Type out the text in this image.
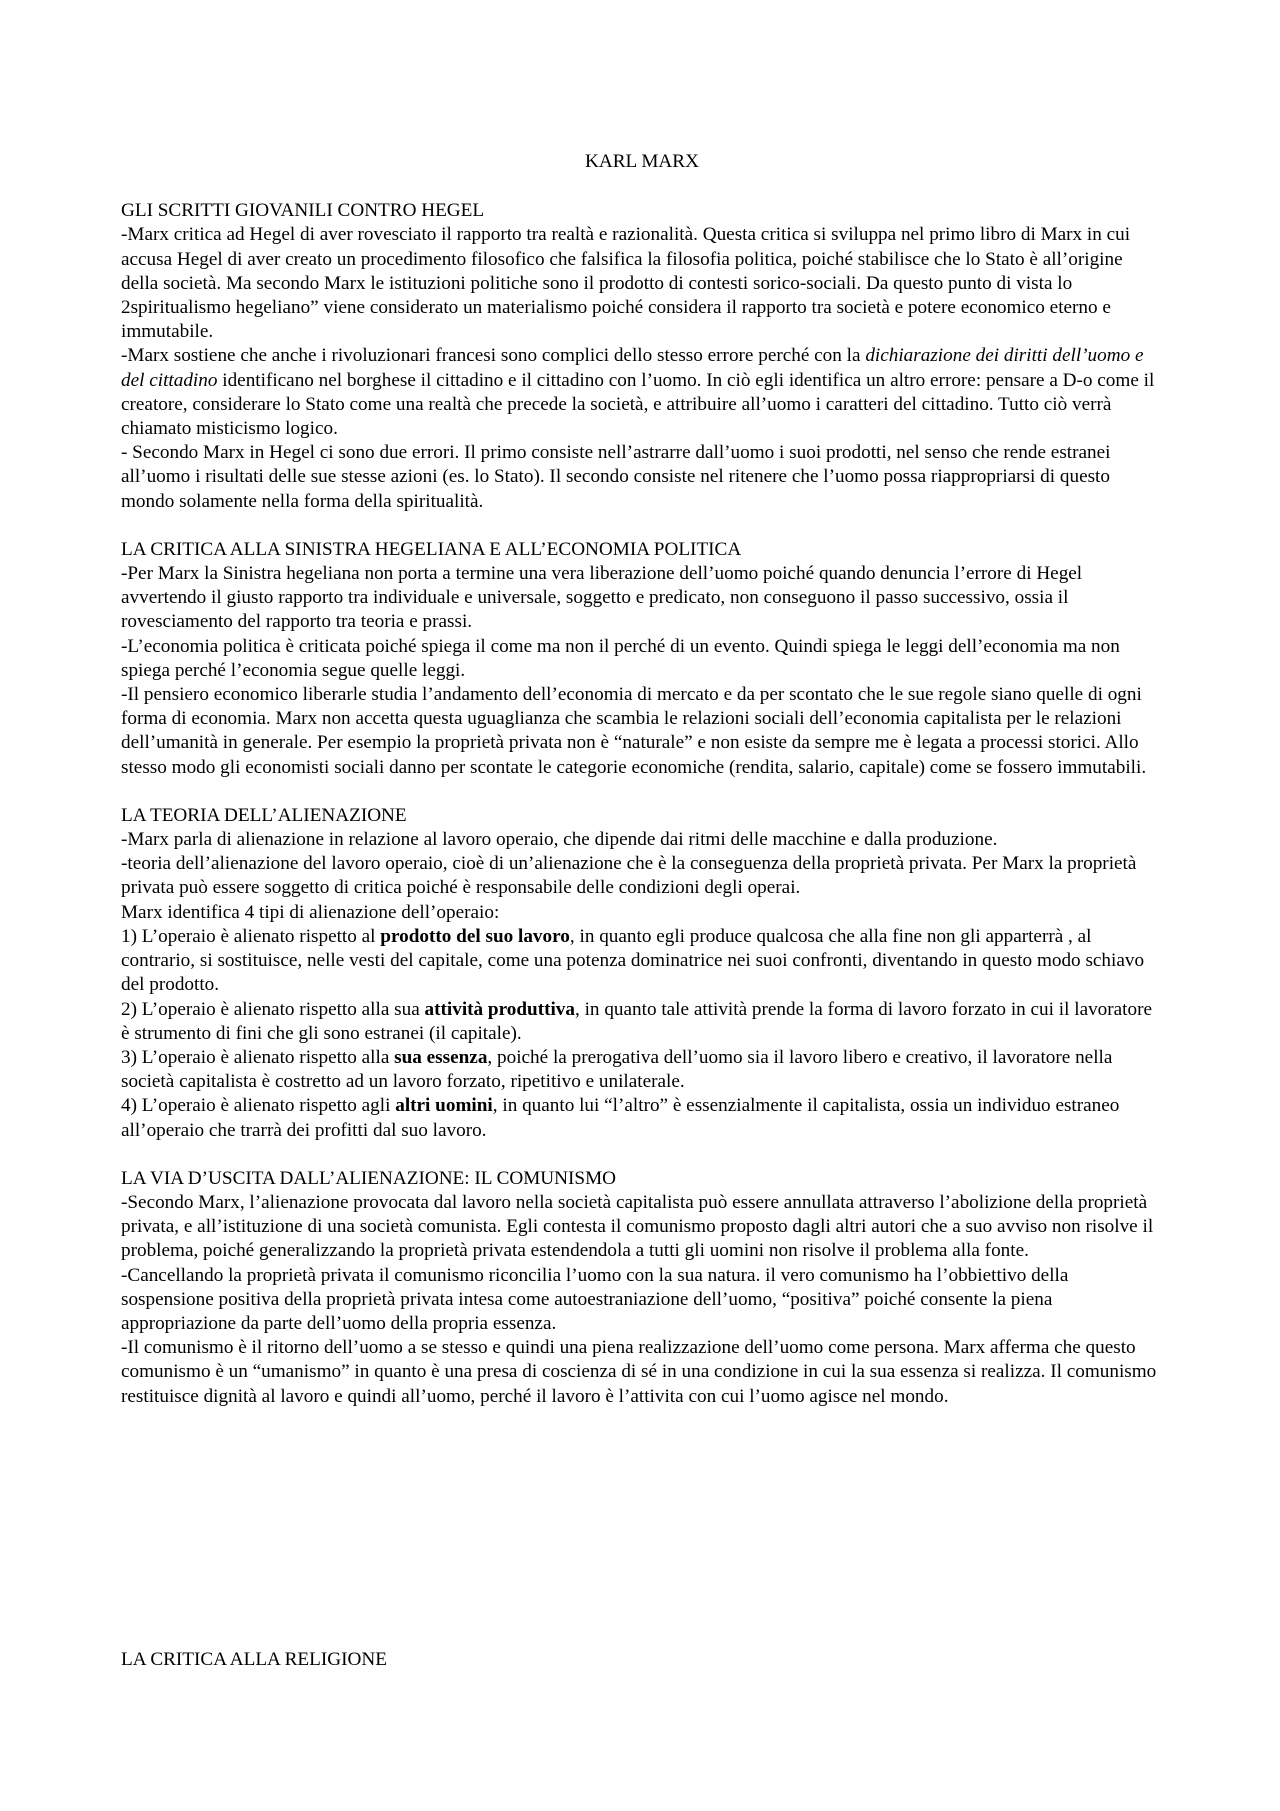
KARL MARX
GLI SCRITTI GIOVANILI CONTRO HEGEL

-Marx critica ad Hegel di aver rovesciato il rapporto tra realtà e razionalità. Questa critica si sviluppa nel primo libro di Marx in cui accusa Hegel di aver creato un procedimento filosofico che falsifica la filosofia politica, poiché stabilisce che lo Stato è all’origine della società. Ma secondo Marx le istituzioni politiche sono il prodotto di contesti sorico-sociali. Da questo punto di vista lo 2spiritualismo hegeliano” viene considerato un materialismo poiché considera il rapporto tra società e potere economico eterno e immutabile.

-Marx sostiene che anche i rivoluzionari francesi sono complici dello stesso errore perché con la dichiarazione dei diritti dell’uomo e del cittadino identificano nel borghese il cittadino e il cittadino con l’uomo. In ciò egli identifica un altro errore: pensare a D-o come il creatore, considerare lo Stato come una realtà che precede la società, e attribuire all’uomo i caratteri del cittadino. Tutto ciò verrà chiamato misticismo logico.

- Secondo Marx in Hegel ci sono due errori. Il primo consiste nell’astrarre dall’uomo i suoi prodotti, nel senso che rende estranei all’uomo i risultati delle sue stesse azioni (es. lo Stato). Il secondo consiste nel ritenere che l’uomo possa riappropriarsi di questo mondo solamente nella forma della spiritualità.

LA CRITICA ALLA SINISTRA HEGELIANA E ALL’ECONOMIA POLITICA

-Per Marx la Sinistra hegeliana non porta a termine una vera liberazione dell’uomo poiché quando denuncia l’errore di Hegel avvertendo il giusto rapporto tra individuale e universale, soggetto e predicato, non conseguono il passo successivo, ossia il rovesciamento del rapporto tra teoria e prassi.

-L’economia politica è criticata poiché spiega il come ma non il perché di un evento. Quindi spiega le leggi dell’economia ma non spiega perché l’economia segue quelle leggi.

-Il pensiero economico liberarle studia l’andamento dell’economia di mercato e da per scontato che le sue regole siano quelle di ogni forma di economia. Marx non accetta questa uguaglianza che scambia le relazioni sociali dell’economia capitalista per le relazioni dell’umanità in generale. Per esempio la proprietà privata non è “naturale” e non esiste da sempre me è legata a processi storici. Allo stesso modo gli economisti sociali danno per scontate le categorie economiche (rendita, salario, capitale) come se fossero immutabili.

LA TEORIA DELL’ALIENAZIONE

-Marx parla di alienazione in relazione al lavoro operaio, che dipende dai ritmi delle macchine e dalla produzione.

-teoria dell’alienazione del lavoro operaio, cioè di un’alienazione che è la conseguenza della proprietà privata. Per Marx la proprietà privata può essere soggetto di critica poiché è responsabile delle condizioni degli operai.

Marx identifica 4 tipi di alienazione dell’operaio:

1) L’operaio è alienato rispetto al prodotto del suo lavoro, in quanto egli produce qualcosa che alla fine non gli apparterrà , al contrario, si sostituisce, nelle vesti del capitale, come una potenza dominatrice nei suoi confronti, diventando in questo modo schiavo del prodotto.

2) L’operaio è alienato rispetto alla sua attività produttiva, in quanto tale attività prende la forma di lavoro forzato in cui il lavoratore è strumento di fini che gli sono estranei (il capitale).

3) L’operaio è alienato rispetto alla sua essenza, poiché la prerogativa dell’uomo sia il lavoro libero e creativo, il lavoratore nella società capitalista è costretto ad un lavoro forzato, ripetitivo e unilaterale.

4) L’operaio è alienato rispetto agli altri uomini, in quanto lui “l’altro” è essenzialmente il capitalista, ossia un individuo estraneo all’operaio che trarrà dei profitti dal suo lavoro.

LA VIA D’USCITA DALL’ALIENAZIONE: IL COMUNISMO

-Secondo Marx, l’alienazione provocata dal lavoro nella società capitalista può essere annullata attraverso l’abolizione della proprietà privata, e all’istituzione di una società comunista. Egli contesta il comunismo proposto dagli altri autori che a suo avviso non risolve il problema, poiché generalizzando la proprietà privata estendendola a tutti gli uomini non risolve il problema alla fonte.

-Cancellando la proprietà privata il comunismo riconcilia l’uomo con la sua natura. il vero comunismo ha l’obbiettivo della sospensione positiva della proprietà privata intesa come autoestraniazione dell’uomo, “positiva” poiché consente la piena appropriazione da parte dell’uomo della propria essenza.

-Il comunismo è il ritorno dell’uomo a se stesso e quindi una piena realizzazione dell’uomo come persona. Marx afferma che questo comunismo è un “umanismo” in quanto è una presa di coscienza di sé in una condizione in cui la sua essenza si realizza. Il comunismo restituisce dignità al lavoro e quindi all’uomo, perché il lavoro è l’attivita con cui l’uomo agisce nel mondo.

LA CRITICA ALLA RELIGIONE
